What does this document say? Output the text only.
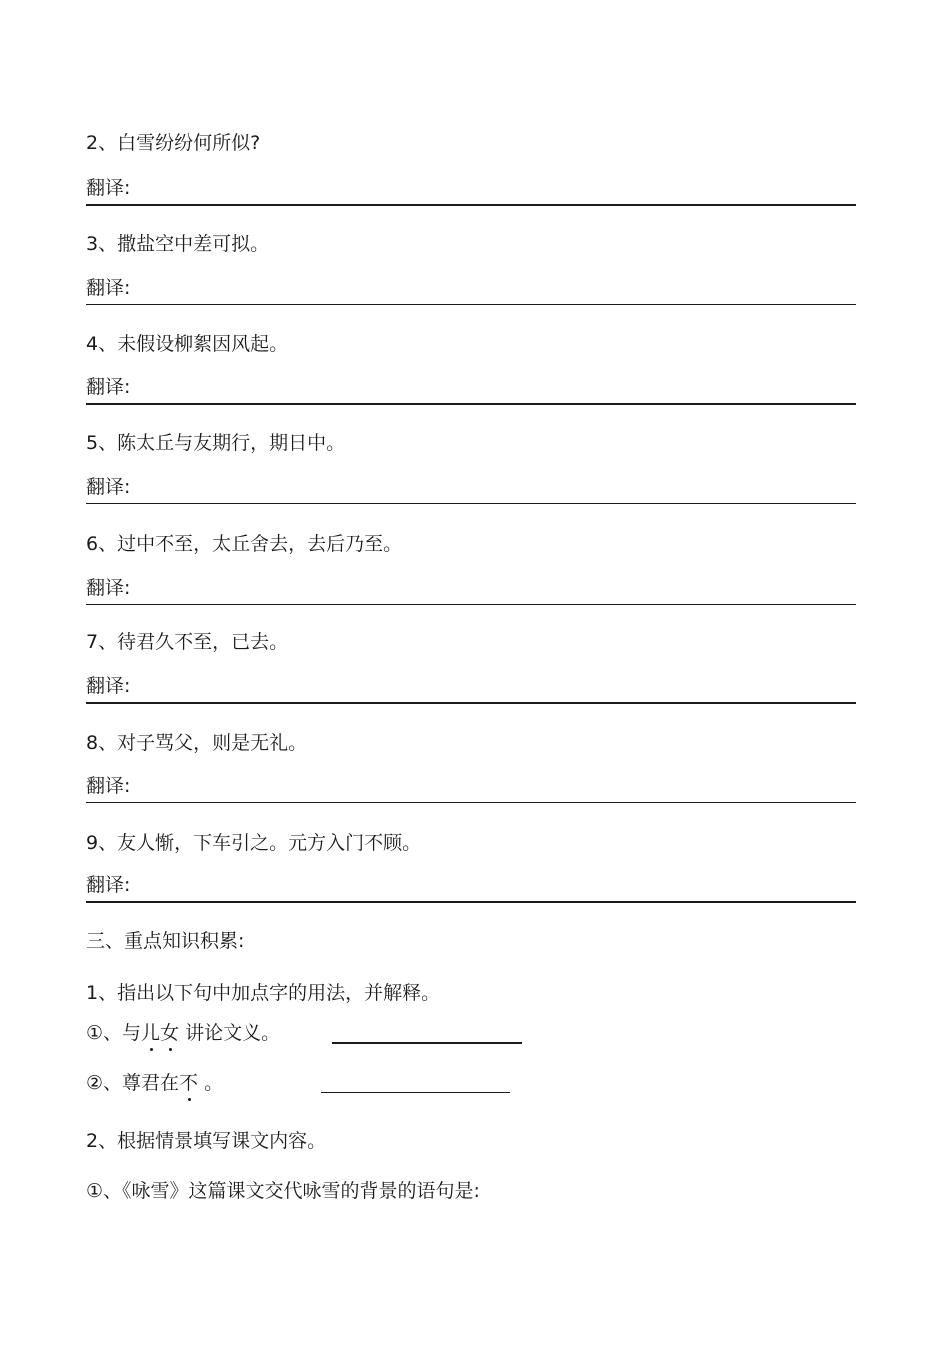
2、白雪纷纷何所似?
翻译:
3、撒盐空中差可拟。
翻译:
4、未假设柳絮因风起。
翻译:
5、陈太丘与友期行，期日中。
翻译:
6、过中不至，太丘舍去，去后乃至。
翻译:
7、待君久不至，已去。
翻译:
8、对子骂父，则是无礼。
翻译:
9、友人惭，下车引之。元方入门不顾。
翻译:
三、重点知识积累:
1、指出以下句中加点字的用法，并解释。
①、与儿女 讲论文义。
②、尊君在不 。
2、根据情景填写课文内容。
①、《咏雪》这篇课文交代咏雪的背景的语句是:
